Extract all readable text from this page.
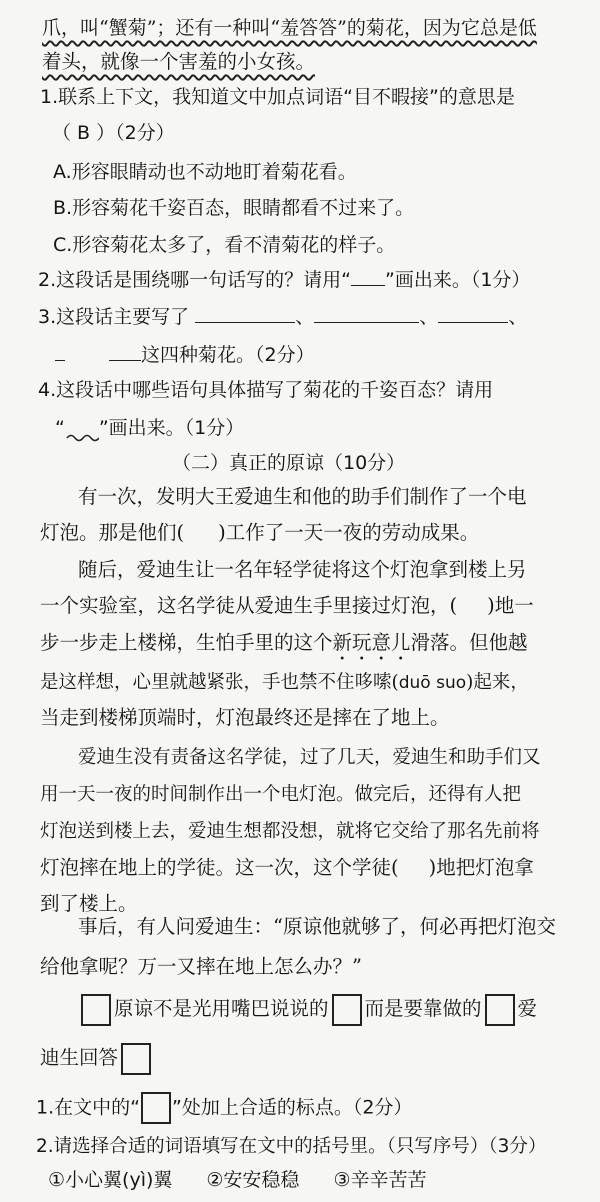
爪，叫“蟹菊”；还有一种叫“羞答答”的菊花，因为它总是低
着头，就像一个害羞的小女孩。
1.联系上下文，我知道文中加点词语“目不暇接”的意思是
（ B ）（2分）
A.形容眼睛动也不动地盯着菊花看。
B.形容菊花千姿百态，眼睛都看不过来了。
C.形容菊花太多了，看不清菊花的样子。
2.这段话是围绕哪一句话写的？请用“ ”画出来。（1分）
3.这段话主要写了	、	、	、
这四种菊花。（2分）
4.这段话中哪些语句具体描写了菊花的千姿百态？请用
“ ”画出来。（1分）
（二）真正的原谅（10分）
有一次，发明大王爱迪生和他的助手们制作了一个电
灯泡。那是他们( )工作了一天一夜的劳动成果。
随后，爱迪生让一名年轻学徒将这个灯泡拿到楼上另
一个实验室，这名学徒从爱迪生手里接过灯泡，( )地一
步一步走上楼梯，生怕手里的这个新玩意儿滑落。但他越
是这样想，心里就越紧张，手也禁不住哆嗦(duō suo)起来，
当走到楼梯顶端时，灯泡最终还是摔在了地上。
爱迪生没有责备这名学徒，过了几天，爱迪生和助手们又
用一天一夜的时间制作出一个电灯泡。做完后，还得有人把
灯泡送到楼上去，爱迪生想都没想，就将它交给了那名先前将
灯泡摔在地上的学徒。这一次，这个学徒( )地把灯泡拿
到了楼上。
事后，有人问爱迪生：“原谅他就够了，何必再把灯泡交
给他拿呢？万一又摔在地上怎么办？”
原谅不是光用嘴巴说说的 而是要靠做的 爱
迪生回答
1.在文中的“ ”处加上合适的标点。（2分）
2.请选择合适的词语填写在文中的括号里。（只写序号）（3分）
①小心翼(yì)翼 ②安安稳稳 ③辛辛苦苦
